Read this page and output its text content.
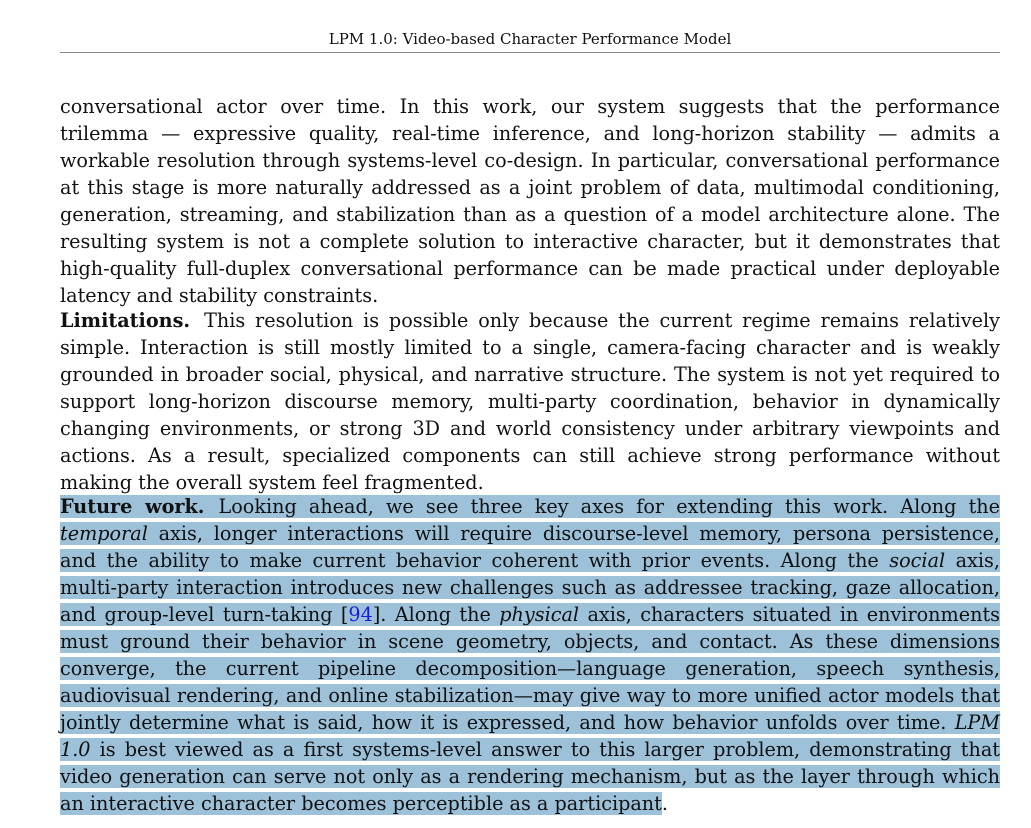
LPM 1.0: Video-based Character Performance Model

conversational actor over time. In this work, our system suggests that the performance trilemma — expressive quality, real-time inference, and long-horizon stability — admits a workable resolution through systems-level co-design. In particular, conversational performance at this stage is more naturally addressed as a joint problem of data, multimodal conditioning, generation, streaming, and stabilization than as a question of a model architecture alone. The resulting system is not a complete solution to interactive character, but it demonstrates that high-quality full-duplex conversational performance can be made practical under deployable latency and stability constraints.

Limitations. This resolution is possible only because the current regime remains relatively simple. Interaction is still mostly limited to a single, camera-facing character and is weakly grounded in broader social, physical, and narrative structure. The system is not yet required to support long-horizon discourse memory, multi-party coordination, behavior in dynamically changing environments, or strong 3D and world consistency under arbitrary viewpoints and actions. As a result, specialized components can still achieve strong performance without making the overall system feel fragmented.

Future work. Looking ahead, we see three key axes for extending this work. Along the temporal axis, longer interactions will require discourse-level memory, persona persistence, and the ability to make current behavior coherent with prior events. Along the social axis, multi-party interaction introduces new challenges such as addressee tracking, gaze allocation, and group-level turn-taking [94]. Along the physical axis, characters situated in environments must ground their behavior in scene geometry, objects, and contact. As these dimensions converge, the current pipeline decomposition—language generation, speech synthesis, audiovisual rendering, and online stabilization—may give way to more unified actor models that jointly determine what is said, how it is expressed, and how behavior unfolds over time. LPM 1.0 is best viewed as a first systems-level answer to this larger problem, demonstrating that video generation can serve not only as a rendering mechanism, but as the layer through which an interactive character becomes perceptible as a participant.
